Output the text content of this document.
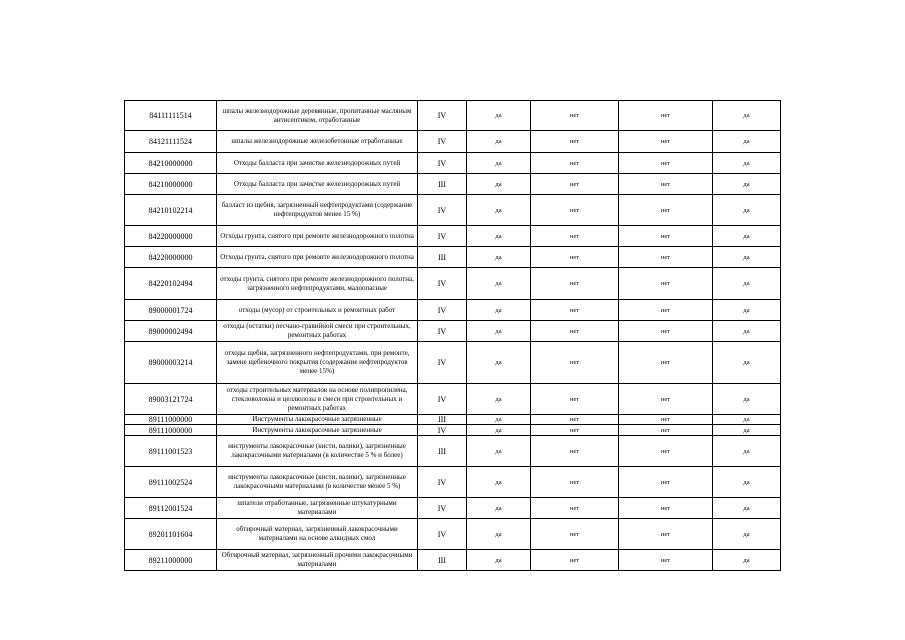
84111111514	шпалы железнодорожные деревянные, пропитанные масляным антисептиком, отработанные	IV	да	нет	нет	да
84121111524	шпалы железнодорожные железобетонные отработанные	IV	да	нет	нет	да
84210000000	Отходы балласта при зачистке железнодорожных путей	IV	да	нет	нет	да
84210000000	Отходы балласта при зачистке железнодорожных путей	III	да	нет	нет	да
84210102214	балласт из щебня, загрязненный нефтепродуктами (содержание нефтепродуктов менее 15 %)	IV	да	нет	нет	да
84220000000	Отходы грунта, снятого при ремонте железнодорожного полотна	IV	да	нет	нет	да
84220000000	Отходы грунта, снятого при ремонте железнодорожного полотна	III	да	нет	нет	да
84220102494	отходы грунта, снятого при ремонте железнодорожного полотна, загрязненного нефтепродуктами, малоопасные	IV	да	нет	нет	да
89000001724	отходы (мусор) от строительных и ремонтных работ	IV	да	нет	нет	да
89000002494	отходы (остатки) песчано-гравийной смеси при строительных, ремонтных работах	IV	да	нет	нет	да
89000003214	отходы щебня, загрязненного нефтепродуктами, при ремонте, замене щебеночного покрытия (содержание нефтепродуктов менее 15%)	IV	да	нет	нет	да
89003121724	отходы строительных материалов на основе полипропилена, стекловолокна и целлюлозы в смеси при строительных и ремонтных работах	IV	да	нет	нет	да
89111000000	Инструменты лакокрасочные загрязненные	III	да	нет	нет	да
89111000000	Инструменты лакокрасочные загрязненные	IV	да	нет	нет	да
89111001523	инструменты лакокрасочные (кисти, валики), загрязненные лакокрасочными материалами (в количестве 5 % и более)	III	да	нет	нет	да
89111002524	инструменты лакокрасочные (кисти, валики), загрязненные лакокрасочными материалами (в количестве менее 5 %)	IV	да	нет	нет	да
89112001524	шпатели отработанные, загрязненные штукатурными материалами	IV	да	нет	нет	да
89201101604	обтирочный материал, загрязненный лакокрасочными материалами на основе алкидных смол	IV	да	нет	нет	да
89211000000	Обтирочный материал, загрязненный прочими лакокрасочными материалами	III	да	нет	нет	да
